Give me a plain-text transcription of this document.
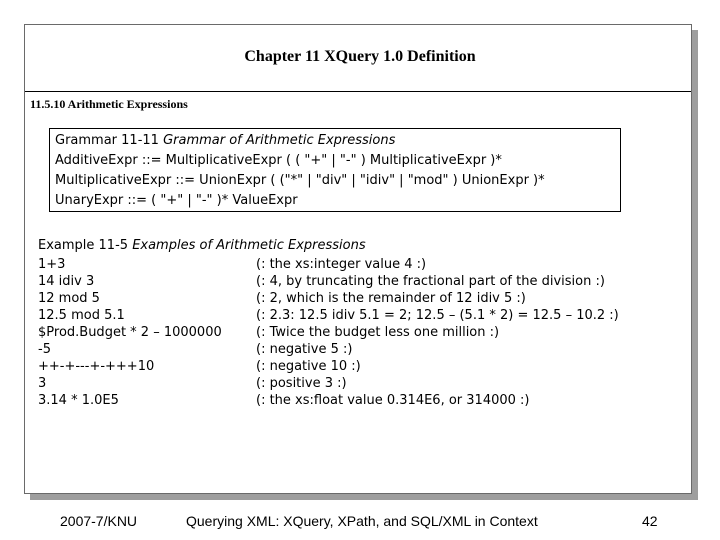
Chapter 11 XQuery 1.0 Definition
11.5.10 Arithmetic Expressions
Grammar 11-11 Grammar of Arithmetic Expressions
AdditiveExpr ::= MultiplicativeExpr ( ( "+" | "-" ) MultiplicativeExpr )*
MultiplicativeExpr ::= UnionExpr ( ("*" | "div" | "idiv" | "mod" ) UnionExpr )*
UnaryExpr ::= ( "+" | "-" )* ValueExpr
Example 11-5 Examples of Arithmetic Expressions
1+3	(: the xs:integer value 4 :)
14 idiv 3	(: 4, by truncating the fractional part of the division :)
12 mod 5	(: 2, which is the remainder of 12 idiv 5 :)
12.5 mod 5.1	(: 2.3: 12.5 idiv 5.1 = 2; 12.5 – (5.1 * 2) = 12.5 – 10.2 :)
$Prod.Budget * 2 – 1000000	(: Twice the budget less one million :)
-5	(: negative 5 :)
++-+---+-+++10	(: negative 10 :)
3	(: positive 3 :)
3.14 * 1.0E5	(: the xs:float value 0.314E6, or 314000 :)
2007-7/KNU	Querying XML: XQuery, XPath, and SQL/XML in Context	42
